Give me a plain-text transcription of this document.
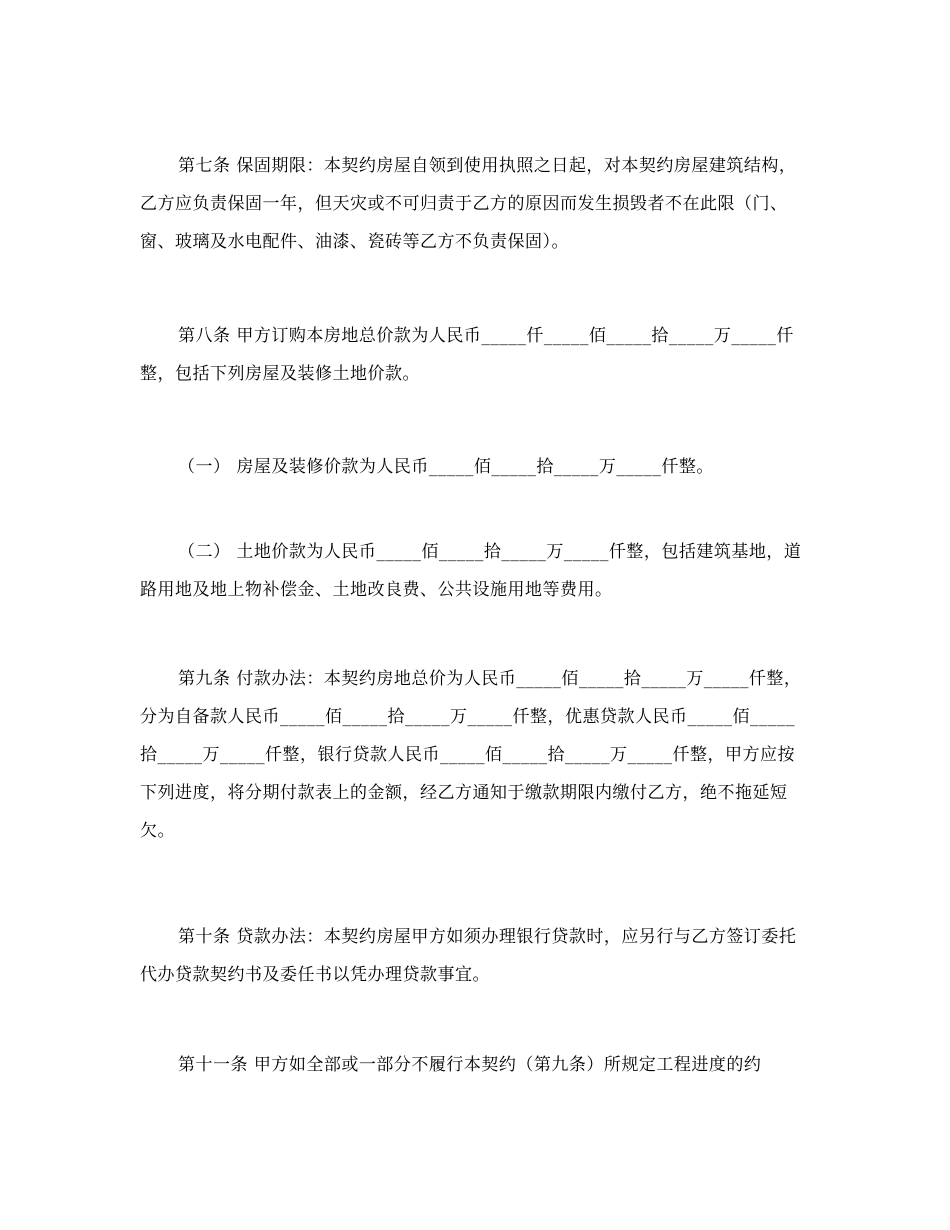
第七条 保固期限：本契约房屋自领到使用执照之日起，对本契约房屋建筑结构，乙方应负责保固一年，但天灾或不可归责于乙方的原因而发生损毁者不在此限（门、窗、玻璃及水电配件、油漆、瓷砖等乙方不负责保固）。

第八条 甲方订购本房地总价款为人民币_____仟_____佰_____拾_____万_____仟整，包括下列房屋及装修土地价款。

（一） 房屋及装修价款为人民币_____佰_____拾_____万_____仟整。

（二） 土地价款为人民币_____佰_____拾_____万_____仟整，包括建筑基地，道路用地及地上物补偿金、土地改良费、公共设施用地等费用。

第九条 付款办法：本契约房地总价为人民币_____佰_____拾_____万_____仟整，分为自备款人民币_____佰_____拾_____万_____仟整，优惠贷款人民币_____佰_____拾_____万_____仟整，银行贷款人民币_____佰_____拾_____万_____仟整，甲方应按下列进度，将分期付款表上的金额，经乙方通知于缴款期限内缴付乙方，绝不拖延短欠。

第十条 贷款办法：本契约房屋甲方如须办理银行贷款时，应另行与乙方签订委托代办贷款契约书及委任书以凭办理贷款事宜。

第十一条 甲方如全部或一部分不履行本契约（第九条）所规定工程进度的约
